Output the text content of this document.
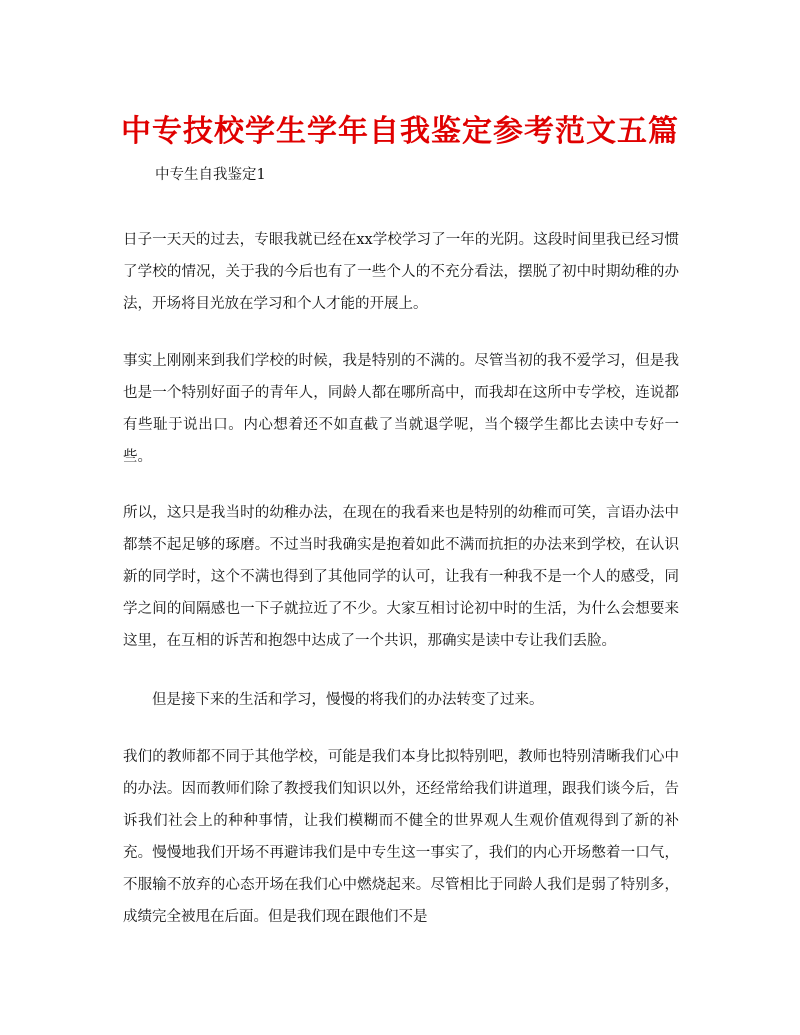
中专技校学生学年自我鉴定参考范文五篇

中专生自我鉴定1

日子一天天的过去，专眼我就已经在xx学校学习了一年的光阴。这段时间里我已经习惯了学校的情况，关于我的今后也有了一些个人的不充分看法，摆脱了初中时期幼稚的办法，开场将目光放在学习和个人才能的开展上。

事实上刚刚来到我们学校的时候，我是特别的不满的。尽管当初的我不爱学习，但是我也是一个特别好面子的青年人，同龄人都在哪所高中，而我却在这所中专学校，连说都有些耻于说出口。内心想着还不如直截了当就退学呢，当个辍学生都比去读中专好一些。

所以，这只是我当时的幼稚办法，在现在的我看来也是特别的幼稚而可笑，言语办法中都禁不起足够的琢磨。不过当时我确实是抱着如此不满而抗拒的办法来到学校，在认识新的同学时，这个不满也得到了其他同学的认可，让我有一种我不是一个人的感受，同学之间的间隔感也一下子就拉近了不少。大家互相讨论初中时的生活，为什么会想要来这里，在互相的诉苦和抱怨中达成了一个共识，那确实是读中专让我们丢脸。

但是接下来的生活和学习，慢慢的将我们的办法转变了过来。

我们的教师都不同于其他学校，可能是我们本身比拟特别吧，教师也特别清晰我们心中的办法。因而教师们除了教授我们知识以外，还经常给我们讲道理，跟我们谈今后，告诉我们社会上的种种事情，让我们模糊而不健全的世界观人生观价值观得到了新的补充。慢慢地我们开场不再避讳我们是中专生这一事实了，我们的内心开场憋着一口气，不服输不放弃的心态开场在我们心中燃烧起来。尽管相比于同龄人我们是弱了特别多，成绩完全被甩在后面。但是我们现在跟他们不是
